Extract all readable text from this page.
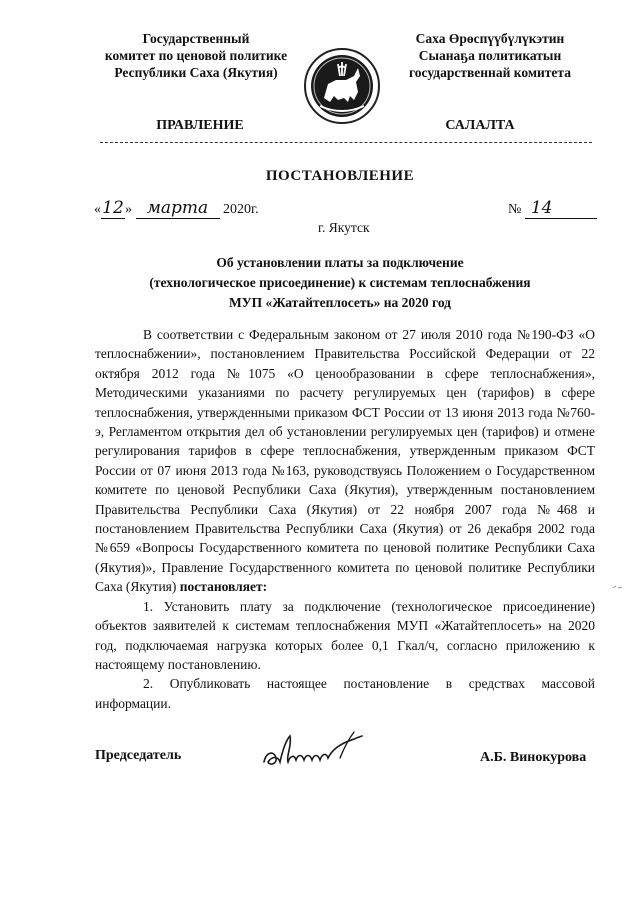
Государственный
комитет по ценовой политике
Республики Саха (Якутия)
Саха Өрөспүүбүлүкэтин
Сыанаҕа политикатын
государственнай комитета
ПРАВЛЕНИЕ	САЛАЛТА
ПОСТАНОВЛЕНИЕ
«12» марта 2020г.
г. Якутск
№ 14
Об установлении платы за подключение
(технологическое присоединение) к системам теплоснабжения
МУП «Жатайтеплосеть» на 2020 год

В соответствии с Федеральным законом от 27 июля 2010 года №190-ФЗ «О теплоснабжении», постановлением Правительства Российской Федерации от 22 октября 2012 года №1075 «О ценообразовании в сфере теплоснабжения», Методическими указаниями по расчету регулируемых цен (тарифов) в сфере теплоснабжения, утвержденными приказом ФСТ России от 13 июня 2013 года №760-э, Регламентом открытия дел об установлении регулируемых цен (тарифов) и отмене регулирования тарифов в сфере теплоснабжения, утвержденным приказом ФСТ России от 07 июня 2013 года №163, руководствуясь Положением о Государственном комитете по ценовой Республики Саха (Якутия), утвержденным постановлением Правительства Республики Саха (Якутия) от 22 ноября 2007 года №468 и постановлением Правительства Республики Саха (Якутия) от 26 декабря 2002 года №659 «Вопросы Государственного комитета по ценовой политике Республики Саха (Якутия)», Правление Государственного комитета по ценовой политике Республики Саха (Якутия) постановляет:

1. Установить плату за подключение (технологическое присоединение) объектов заявителей к системам теплоснабжения МУП «Жатайтеплосеть» на 2020 год, подключаемая нагрузка которых более 0,1 Гкал/ч, согласно приложению к настоящему постановлению.

2. Опубликовать настоящее постановление в средствах массовой информации.

Председатель	А.Б. Винокурова
